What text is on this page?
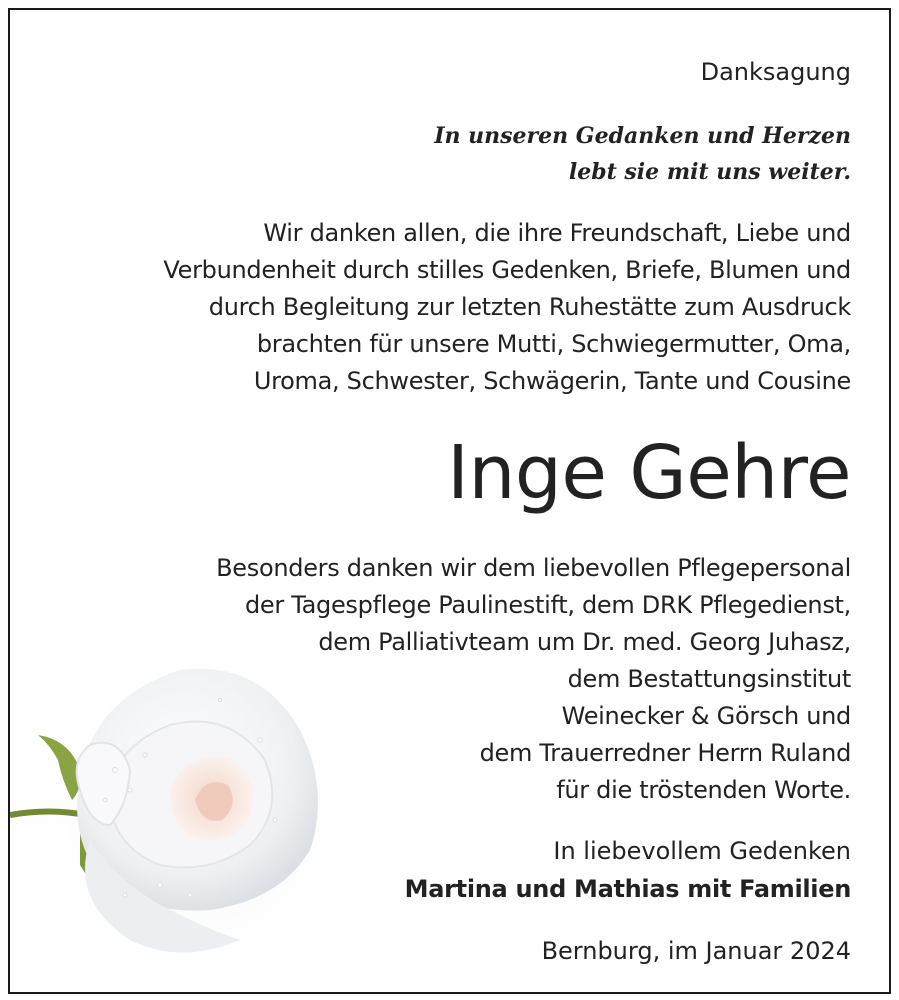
Danksagung
In unseren Gedanken und Herzen
lebt sie mit uns weiter.
Wir danken allen, die ihre Freundschaft, Liebe und
Verbundenheit durch stilles Gedenken, Briefe, Blumen und
durch Begleitung zur letzten Ruhestätte zum Ausdruck
brachten für unsere Mutti, Schwiegermutter, Oma,
Uroma, Schwester, Schwägerin, Tante und Cousine
Inge Gehre
Besonders danken wir dem liebevollen Pflegepersonal
der Tagespflege Paulinestift, dem DRK Pflegedienst,
dem Palliativteam um Dr. med. Georg Juhasz,
dem Bestattungsinstitut
Weinecker & Görsch und
dem Trauerredner Herrn Ruland
für die tröstenden Worte.
In liebevollem Gedenken
Martina und Mathias mit Familien
Bernburg, im Januar 2024
